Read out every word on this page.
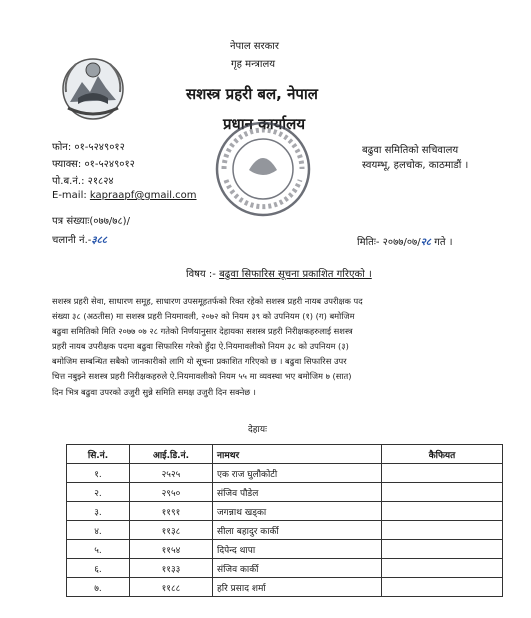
नेपाल सरकार
गृह मन्त्रालय
सशस्त्र प्रहरी बल, नेपाल
प्रधान कार्यालय
बढुवा समितिको सचिवालय
स्वयम्भू, हलचोक, काठमाडौं ।
फोन: ०१-५२४९०१२
फ्याक्स: ०१-५२४९०१२
पो.ब.नं.: २१८२४
E-mail: kapraapf@gmail.com
पत्र संख्याः(०७७/७८)/
चलानी नं.-३८८	मितिः- २०७७/०७/२८ गते ।
विषय :- बढुवा सिफारिस सूचना प्रकाशित गरिएको ।
सशस्त्र प्रहरी सेवा, साधारण समूह, साधारण उपसमूहतर्फको रिक्त रहेको सशस्त्र प्रहरी नायब उपरीक्षक पद
संख्या ३८ (अठतीस) मा सशस्त्र प्रहरी नियमावली, २०७२ को नियम ३९ को उपनियम (१) (ग) बमोजिम
बढुवा समितिको मिति २०७७ ०७ २८ गतेको निर्णयानुसार देहायका सशस्त्र प्रहरी निरीक्षकहरुलाई सशस्त्र
प्रहरी नायब उपरीक्षक पदमा बढुवा सिफारिस गरेको हुँदा ऐ.नियमावलीको नियम ३८ को उपनियम (३)
बमोजिम सम्बन्धित सबैको जानकारीको लागि यो सूचना प्रकाशित गरिएको छ । बढुवा सिफारिस उपर
चित्त नबुझ्ने सशस्त्र प्रहरी निरीक्षकहरुले ऐ.नियमावलीको नियम ५५ मा व्यवस्था भए बमोजिम ७ (सात)
दिन भित्र बढुवा उपरको उजुरी सुन्ने समिति समक्ष उजुरी दिन सक्नेछ ।
देहायः
सि.नं.	आई.डि.नं.	नामथर	कैफियत
१.	२५२५	एक राज घुलौकोटी	
२.	२९५०	संजिव पौडेल	
३.	११९१	जगन्नाथ खड्का	
४.	११३८	सीला बहादुर कार्की	
५.	११५४	दिपेन्द थापा	
६.	११३३	संजिव कार्की	
७.	११८८	हरि प्रसाद शर्मा	
